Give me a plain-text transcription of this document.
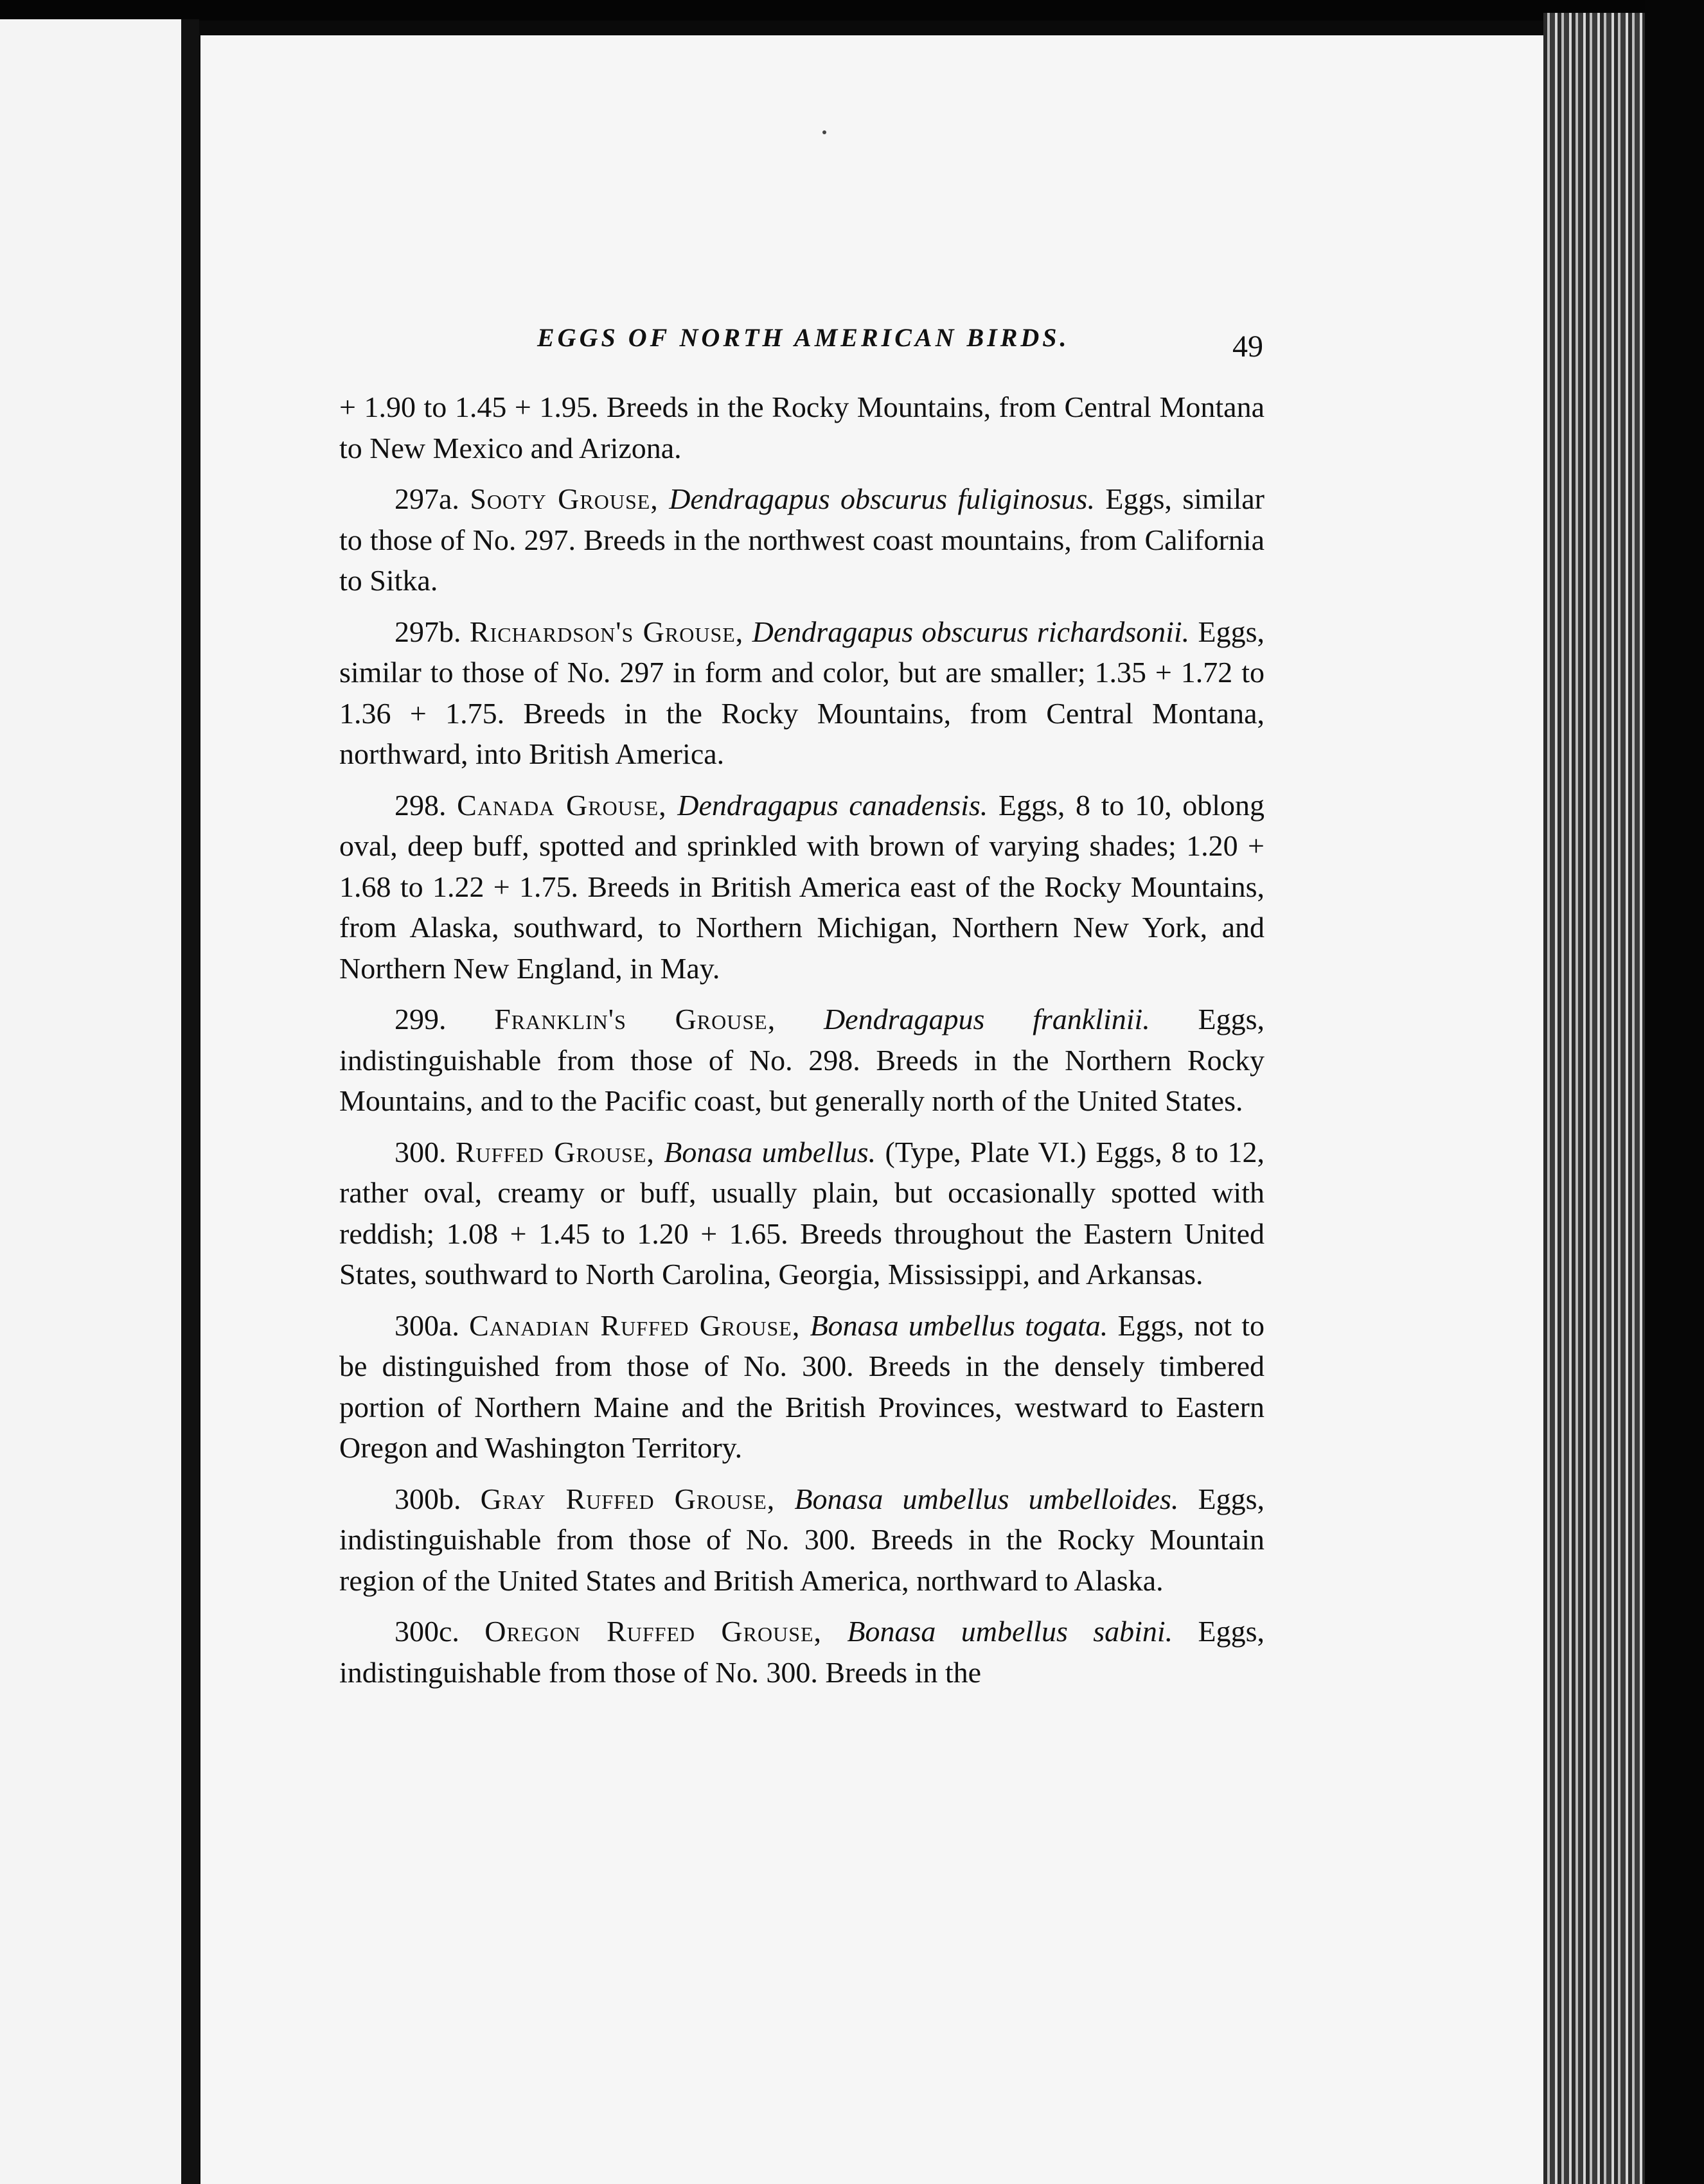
EGGS OF NORTH AMERICAN BIRDS.	49

+ 1.90 to 1.45 + 1.95. Breeds in the Rocky Mountains, from Central Montana to New Mexico and Arizona.

297a. Sooty Grouse, Dendragapus obscurus fuliginosus. Eggs, similar to those of No. 297. Breeds in the northwest coast mountains, from California to Sitka.

297b. Richardson's Grouse, Dendragapus obscurus richardsonii. Eggs, similar to those of No. 297 in form and color, but are smaller; 1.35 + 1.72 to 1.36 + 1.75. Breeds in the Rocky Mountains, from Central Montana, northward, into British America.

298. Canada Grouse, Dendragapus canadensis. Eggs, 8 to 10, oblong oval, deep buff, spotted and sprinkled with brown of varying shades; 1.20 + 1.68 to 1.22 + 1.75. Breeds in British America east of the Rocky Mountains, from Alaska, southward, to Northern Michigan, Northern New York, and Northern New England, in May.

299. Franklin's Grouse, Dendragapus franklinii. Eggs, indistinguishable from those of No. 298. Breeds in the Northern Rocky Mountains, and to the Pacific coast, but generally north of the United States.

300. Ruffed Grouse, Bonasa umbellus. (Type, Plate VI.) Eggs, 8 to 12, rather oval, creamy or buff, usually plain, but occasionally spotted with reddish; 1.08 + 1.45 to 1.20 + 1.65. Breeds throughout the Eastern United States, southward to North Carolina, Georgia, Mississippi, and Arkansas.

300a. Canadian Ruffed Grouse, Bonasa umbellus togata. Eggs, not to be distinguished from those of No. 300. Breeds in the densely timbered portion of Northern Maine and the British Provinces, westward to Eastern Oregon and Washington Territory.

300b. Gray Ruffed Grouse, Bonasa umbellus umbelloides. Eggs, indistinguishable from those of No. 300. Breeds in the Rocky Mountain region of the United States and British America, northward to Alaska.

300c. Oregon Ruffed Grouse, Bonasa umbellus sabini. Eggs, indistinguishable from those of No. 300. Breeds in the
